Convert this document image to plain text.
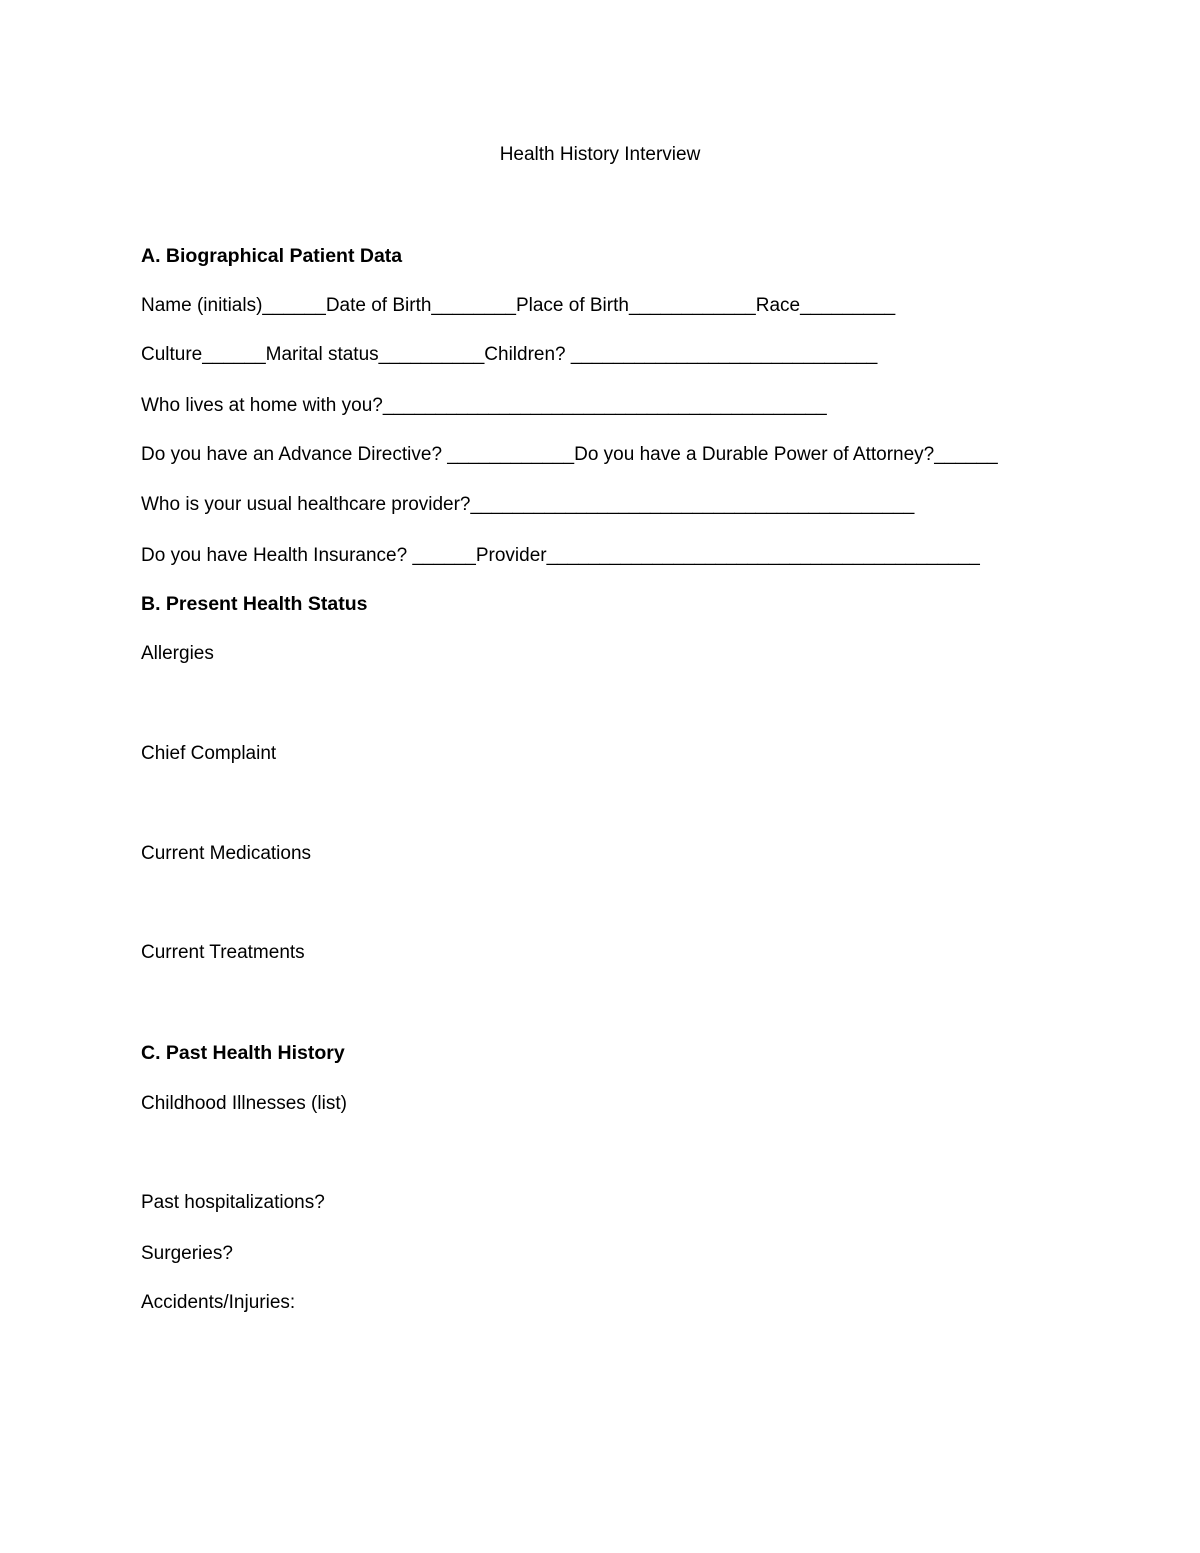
Health History Interview
A. Biographical Patient Data
Name (initials)______Date of Birth________Place of Birth____________Race_________
Culture______Marital status__________Children? _____________________________
Who lives at home with you?__________________________________________
Do you have an Advance Directive? ____________Do you have a Durable Power of Attorney?______
Who is your usual healthcare provider?__________________________________________
Do you have Health Insurance? ______Provider_________________________________________
B. Present Health Status
Allergies
Chief Complaint
Current Medications
Current Treatments
C. Past Health History
Childhood Illnesses (list)
Past hospitalizations?
Surgeries?
Accidents/Injuries:
